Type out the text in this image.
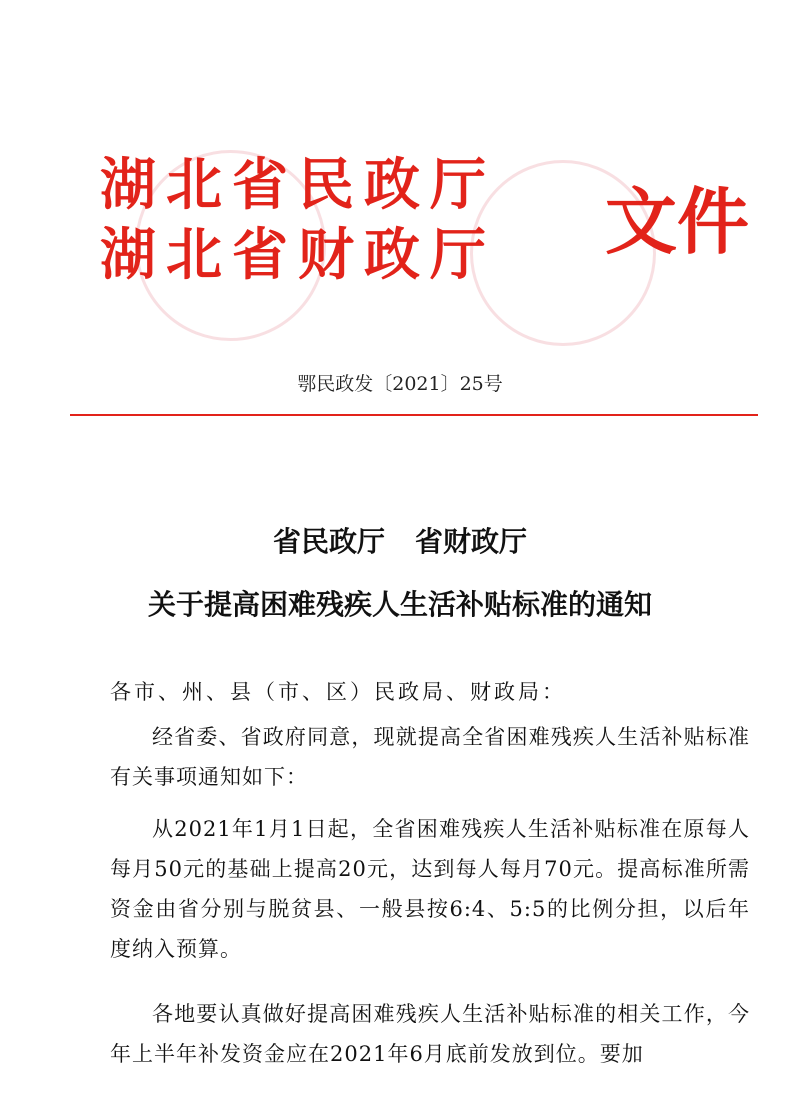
湖北省民政厅
湖北省财政厅 文件
鄂民政发〔2021〕25号
省民政厅 省财政厅
关于提高困难残疾人生活补贴标准的通知
各市、州、县（市、区）民政局、财政局：

经省委、省政府同意，现就提高全省困难残疾人生活补贴标准有关事项通知如下：

从2021年1月1日起，全省困难残疾人生活补贴标准在原每人每月50元的基础上提高20元，达到每人每月70元。提高标准所需资金由省分别与脱贫县、一般县按6:4、5:5的比例分担，以后年度纳入预算。

各地要认真做好提高困难残疾人生活补贴标准的相关工作，今年上半年补发资金应在2021年6月底前发放到位。要加
